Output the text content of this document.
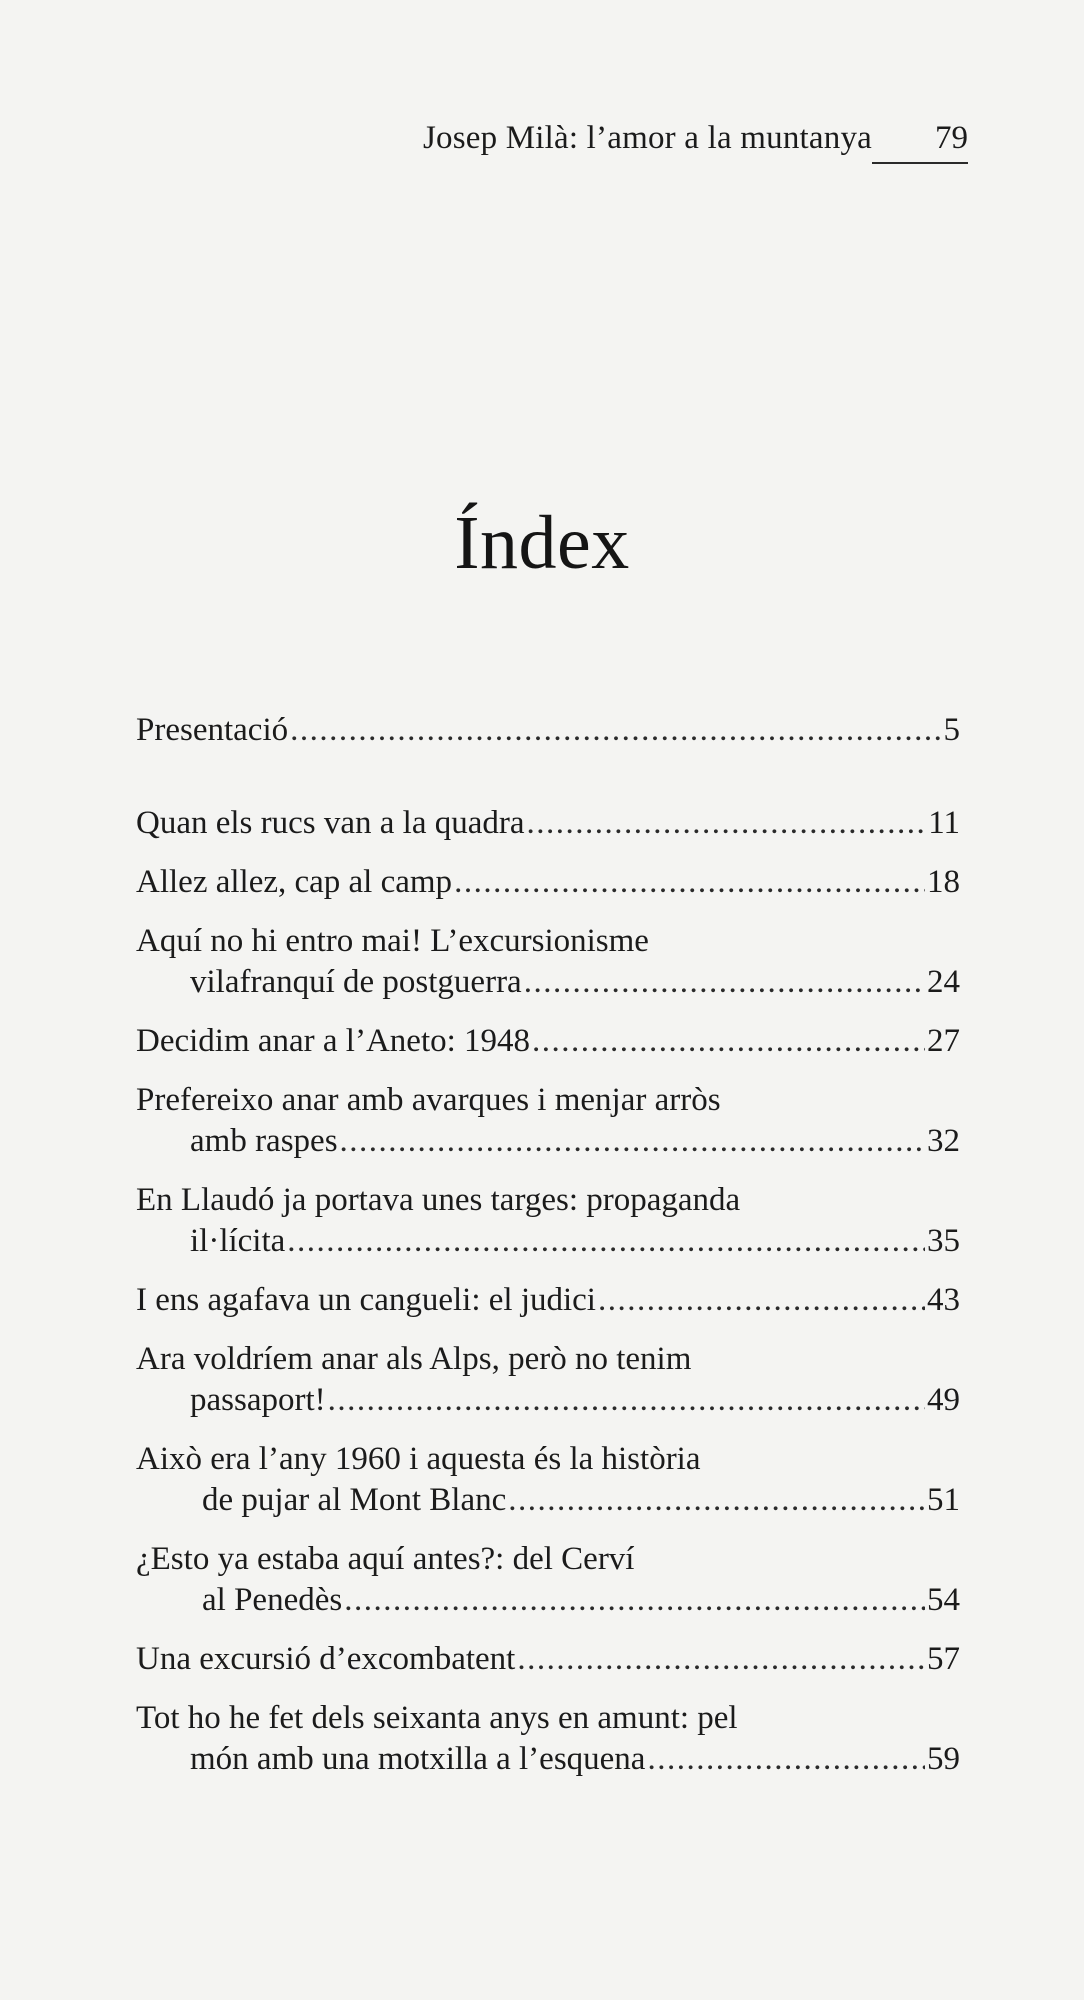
Josep Milà: l’amor a la muntanya 79
Índex
Presentació .....	5
Quan els rucs van a la quadra .....	11
Allez allez, cap al camp .....	18
Aquí no hi entro mai! L’excursionisme
vilafranquí de postguerra .....	24
Decidim anar a l’Aneto: 1948 .....	27
Prefereixo anar amb avarques i menjar arròs
amb raspes .....	32
En Llaudó ja portava unes targes: propaganda
il·lícita .....	35
I ens agafava un cangueli: el judici .....	43
Ara voldríem anar als Alps, però no tenim
passaport! .....	49
Això era l’any 1960 i aquesta és la història
de pujar al Mont Blanc .....	51
¿Esto ya estaba aquí antes?: del Cerví
al Penedès .....	54
Una excursió d’excombatent .....	57
Tot ho he fet dels seixanta anys en amunt: pel
món amb una motxilla a l’esquena .....	59
